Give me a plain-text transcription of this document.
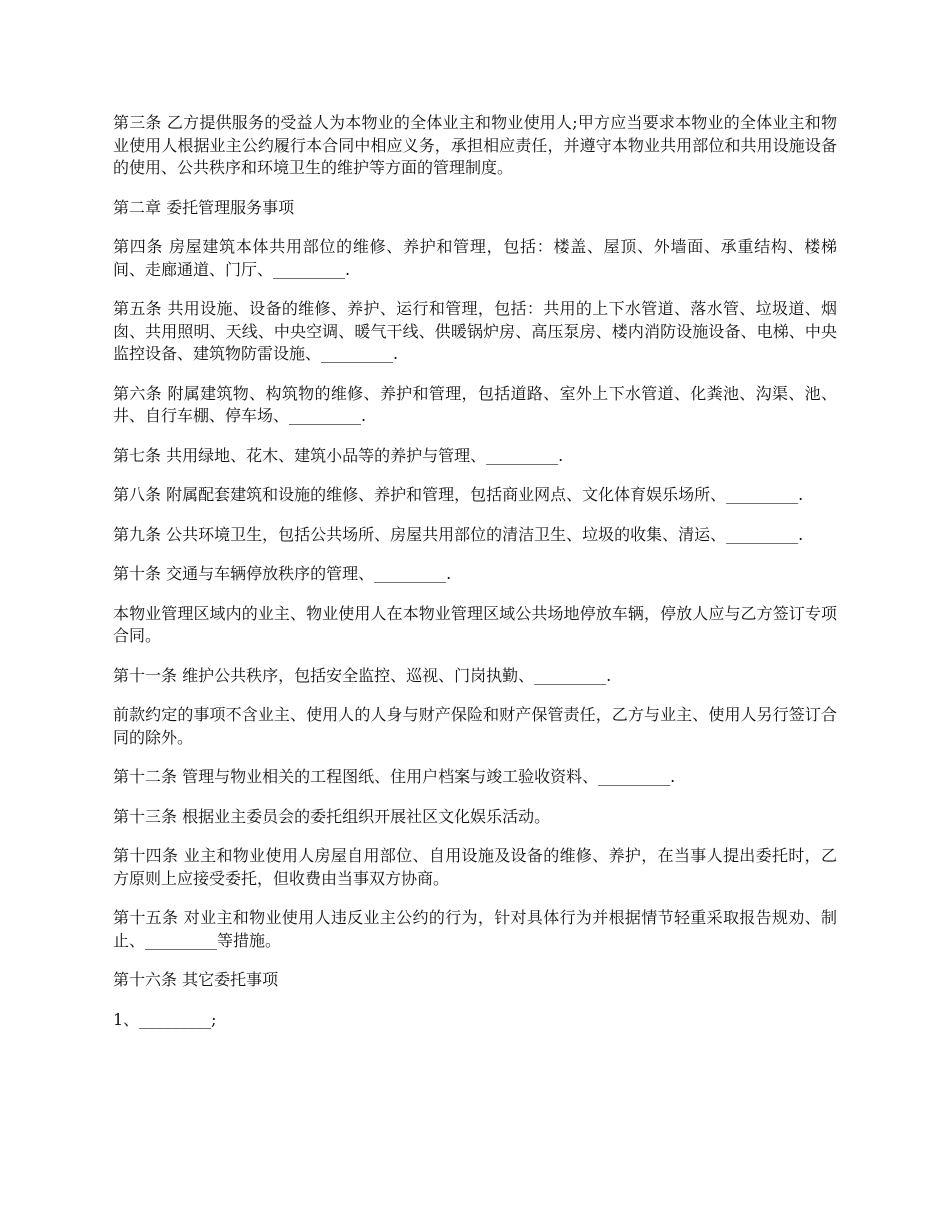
第三条 乙方提供服务的受益人为本物业的全体业主和物业使用人;甲方应当要求本物业的全体业主和物业使用人根据业主公约履行本合同中相应义务，承担相应责任，并遵守本物业共用部位和共用设施设备的使用、公共秩序和环境卫生的维护等方面的管理制度。

第二章 委托管理服务事项

第四条 房屋建筑本体共用部位的维修、养护和管理，包括：楼盖、屋顶、外墙面、承重结构、楼梯间、走廊通道、门厅、_________.

第五条 共用设施、设备的维修、养护、运行和管理，包括：共用的上下水管道、落水管、垃圾道、烟囱、共用照明、天线、中央空调、暖气干线、供暖锅炉房、高压泵房、楼内消防设施设备、电梯、中央监控设备、建筑物防雷设施、_________.

第六条 附属建筑物、构筑物的维修、养护和管理，包括道路、室外上下水管道、化粪池、沟渠、池、井、自行车棚、停车场、_________.

第七条 共用绿地、花木、建筑小品等的养护与管理、_________.

第八条 附属配套建筑和设施的维修、养护和管理，包括商业网点、文化体育娱乐场所、_________.

第九条 公共环境卫生，包括公共场所、房屋共用部位的清洁卫生、垃圾的收集、清运、_________.

第十条 交通与车辆停放秩序的管理、_________.

本物业管理区域内的业主、物业使用人在本物业管理区域公共场地停放车辆，停放人应与乙方签订专项合同。

第十一条 维护公共秩序，包括安全监控、巡视、门岗执勤、_________.

前款约定的事项不含业主、使用人的人身与财产保险和财产保管责任，乙方与业主、使用人另行签订合同的除外。

第十二条 管理与物业相关的工程图纸、住用户档案与竣工验收资料、_________.

第十三条 根据业主委员会的委托组织开展社区文化娱乐活动。

第十四条 业主和物业使用人房屋自用部位、自用设施及设备的维修、养护，在当事人提出委托时，乙方原则上应接受委托，但收费由当事双方协商。

第十五条 对业主和物业使用人违反业主公约的行为，针对具体行为并根据情节轻重采取报告规劝、制止、_________等措施。

第十六条 其它委托事项

1、_________;
